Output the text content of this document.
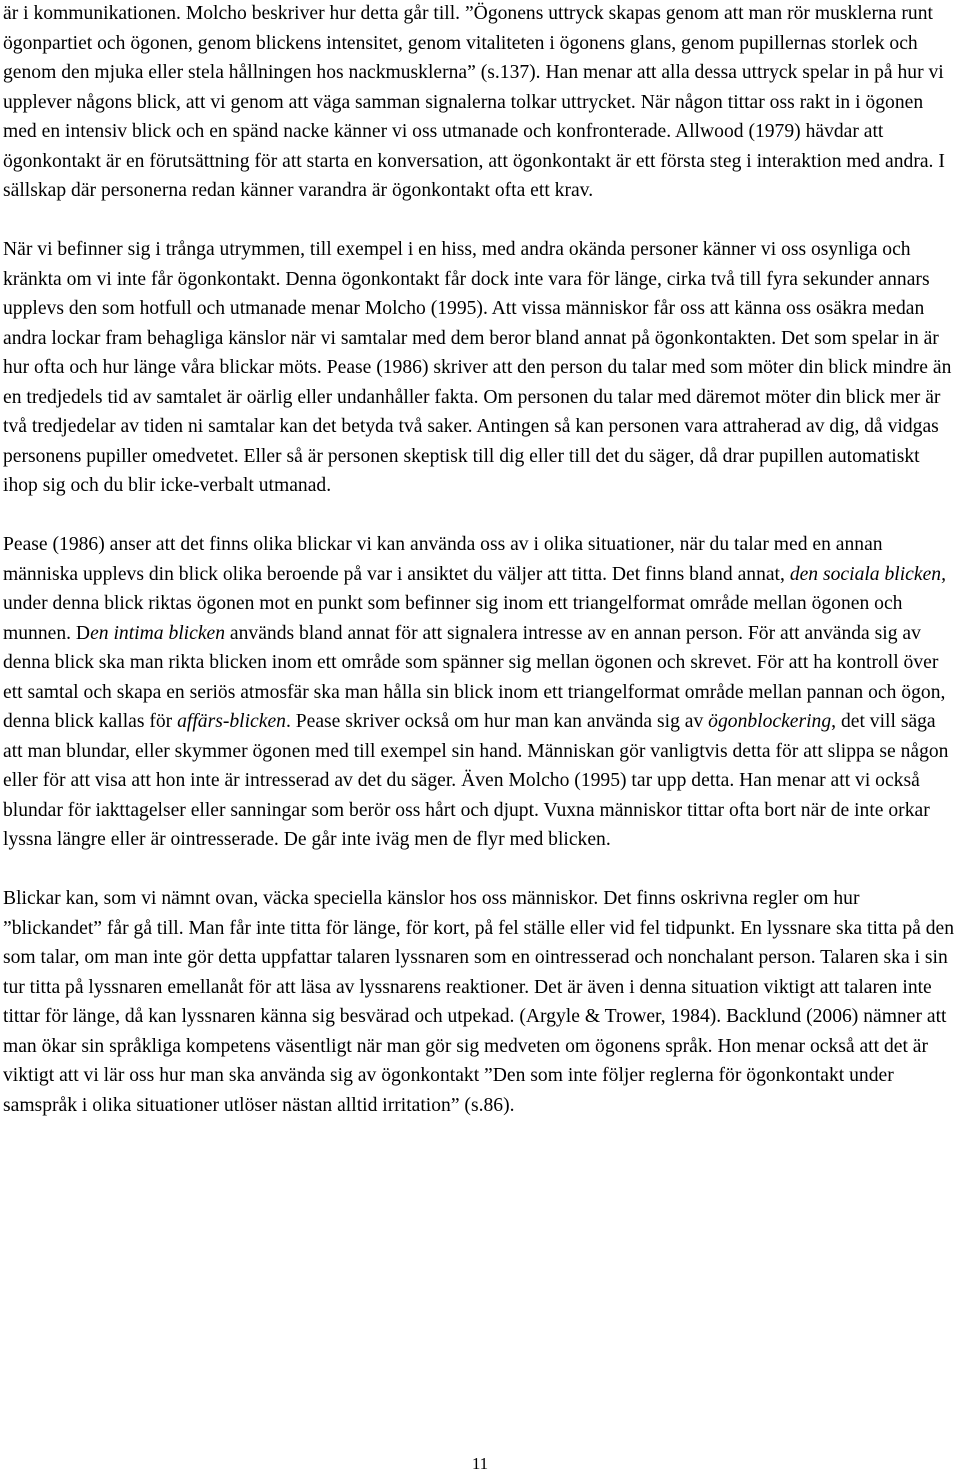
är i kommunikationen. Molcho beskriver hur detta går till. ”Ögonens uttryck skapas genom att man rör musklerna runt ögonpartiet och ögonen, genom blickens intensitet, genom vitaliteten i ögonens glans, genom pupillernas storlek och genom den mjuka eller stela hållningen hos nackmusklerna” (s.137). Han menar att alla dessa uttryck spelar in på hur vi upplever någons blick, att vi genom att väga samman signalerna tolkar uttrycket. När någon tittar oss rakt in i ögonen med en intensiv blick och en spänd nacke känner vi oss utmanade och konfronterade. Allwood (1979) hävdar att ögonkontakt är en förutsättning för att starta en konversation, att ögonkontakt är ett första steg i interaktion med andra. I sällskap där personerna redan känner varandra är ögonkontakt ofta ett krav.

När vi befinner sig i trånga utrymmen, till exempel i en hiss, med andra okända personer känner vi oss osynliga och kränkta om vi inte får ögonkontakt. Denna ögonkontakt får dock inte vara för länge, cirka två till fyra sekunder annars upplevs den som hotfull och utmanade menar Molcho (1995). Att vissa människor får oss att känna oss osäkra medan andra lockar fram behagliga känslor när vi samtalar med dem beror bland annat på ögonkontakten. Det som spelar in är hur ofta och hur länge våra blickar möts. Pease (1986) skriver att den person du talar med som möter din blick mindre än en tredjedels tid av samtalet är oärlig eller undanhåller fakta. Om personen du talar med däremot möter din blick mer är två tredjedelar av tiden ni samtalar kan det betyda två saker. Antingen så kan personen vara attraherad av dig, då vidgas personens pupiller omedvetet. Eller så är personen skeptisk till dig eller till det du säger, då drar pupillen automatiskt ihop sig och du blir icke-verbalt utmanad.

Pease (1986) anser att det finns olika blickar vi kan använda oss av i olika situationer, när du talar med en annan människa upplevs din blick olika beroende på var i ansiktet du väljer att titta. Det finns bland annat, den sociala blicken, under denna blick riktas ögonen mot en punkt som befinner sig inom ett triangelformat område mellan ögonen och munnen. Den intima blicken används bland annat för att signalera intresse av en annan person. För att använda sig av denna blick ska man rikta blicken inom ett område som spänner sig mellan ögonen och skrevet. För att ha kontroll över ett samtal och skapa en seriös atmosfär ska man hålla sin blick inom ett triangelformat område mellan pannan och ögon, denna blick kallas för affärs-blicken. Pease skriver också om hur man kan använda sig av ögonblockering, det vill säga att man blundar, eller skymmer ögonen med till exempel sin hand. Människan gör vanligtvis detta för att slippa se någon eller för att visa att hon inte är intresserad av det du säger. Även Molcho (1995) tar upp detta. Han menar att vi också blundar för iakttagelser eller sanningar som berör oss hårt och djupt. Vuxna människor tittar ofta bort när de inte orkar lyssna längre eller är ointresserade. De går inte iväg men de flyr med blicken.

Blickar kan, som vi nämnt ovan, väcka speciella känslor hos oss människor. Det finns oskrivna regler om hur ”blickandet” får gå till. Man får inte titta för länge, för kort, på fel ställe eller vid fel tidpunkt. En lyssnare ska titta på den som talar, om man inte gör detta uppfattar talaren lyssnaren som en ointresserad och nonchalant person. Talaren ska i sin tur titta på lyssnaren emellanåt för att läsa av lyssnarens reaktioner. Det är även i denna situation viktigt att talaren inte tittar för länge, då kan lyssnaren känna sig besvärad och utpekad. (Argyle & Trower, 1984). Backlund (2006) nämner att man ökar sin språkliga kompetens väsentligt när man gör sig medveten om ögonens språk. Hon menar också att det är viktigt att vi lär oss hur man ska använda sig av ögonkontakt ”Den som inte följer reglerna för ögonkontakt under samspråk i olika situationer utlöser nästan alltid irritation” (s.86).

11
